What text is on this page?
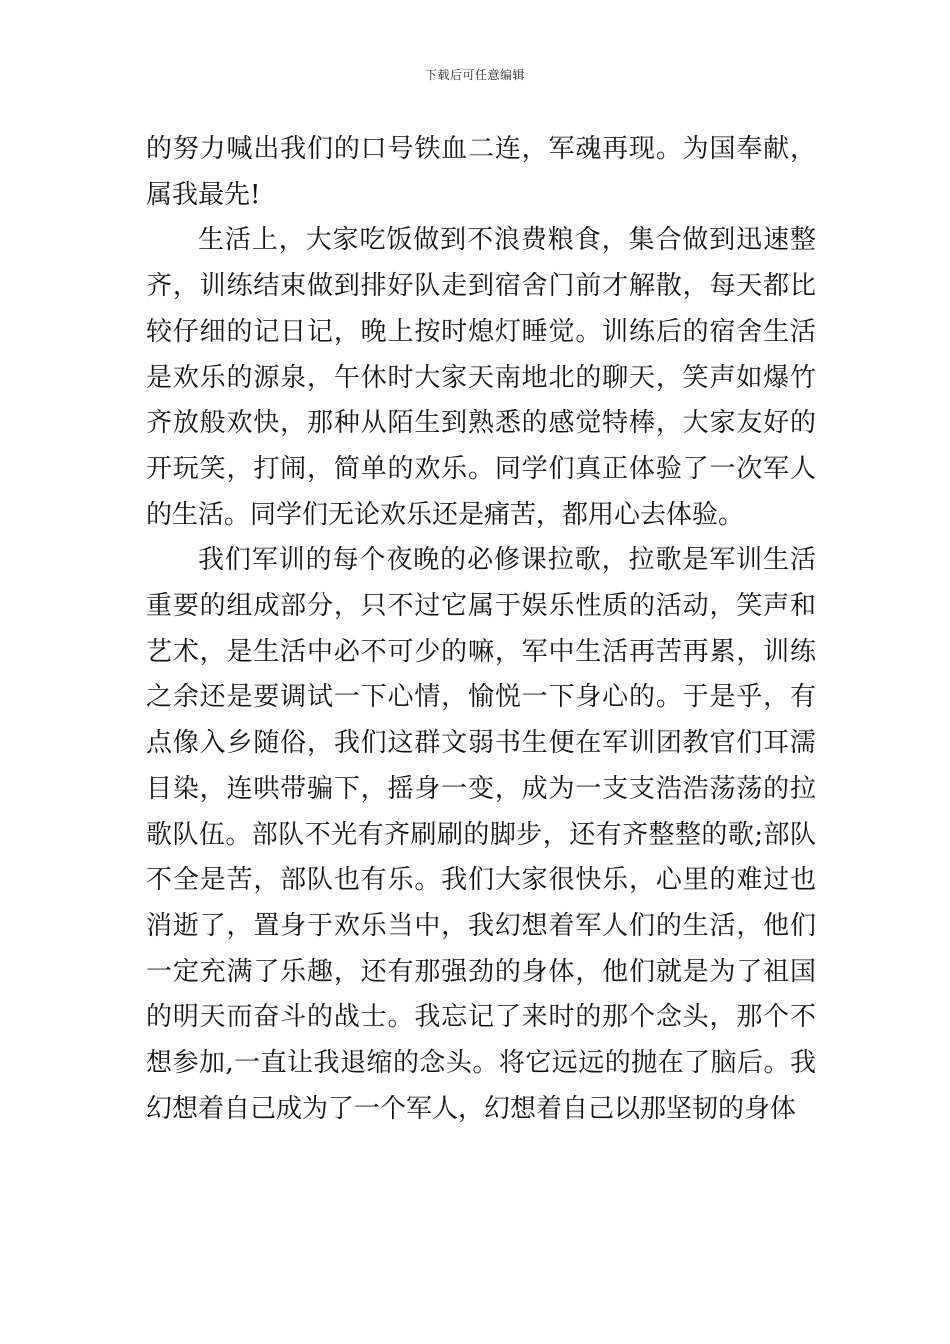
下载后可任意编辑

的努力喊出我们的口号铁血二连，军魂再现。为国奉献，属我最先!

生活上，大家吃饭做到不浪费粮食，集合做到迅速整齐，训练结束做到排好队走到宿舍门前才解散，每天都比较仔细的记日记，晚上按时熄灯睡觉。训练后的宿舍生活是欢乐的源泉，午休时大家天南地北的聊天，笑声如爆竹齐放般欢快，那种从陌生到熟悉的感觉特棒，大家友好的开玩笑，打闹，简单的欢乐。同学们真正体验了一次军人的生活。同学们无论欢乐还是痛苦，都用心去体验。

我们军训的每个夜晚的必修课拉歌，拉歌是军训生活重要的组成部分，只不过它属于娱乐性质的活动，笑声和艺术，是生活中必不可少的嘛，军中生活再苦再累，训练之余还是要调试一下心情，愉悦一下身心的。于是乎，有点像入乡随俗，我们这群文弱书生便在军训团教官们耳濡目染，连哄带骗下，摇身一变，成为一支支浩浩荡荡的拉歌队伍。部队不光有齐刷刷的脚步，还有齐整整的歌;部队不全是苦，部队也有乐。我们大家很快乐，心里的难过也消逝了，置身于欢乐当中，我幻想着军人们的生活，他们一定充满了乐趣，还有那强劲的身体，他们就是为了祖国的明天而奋斗的战士。我忘记了来时的那个念头，那个不想参加,一直让我退缩的念头。将它远远的抛在了脑后。我幻想着自己成为了一个军人，幻想着自己以那坚韧的身体
